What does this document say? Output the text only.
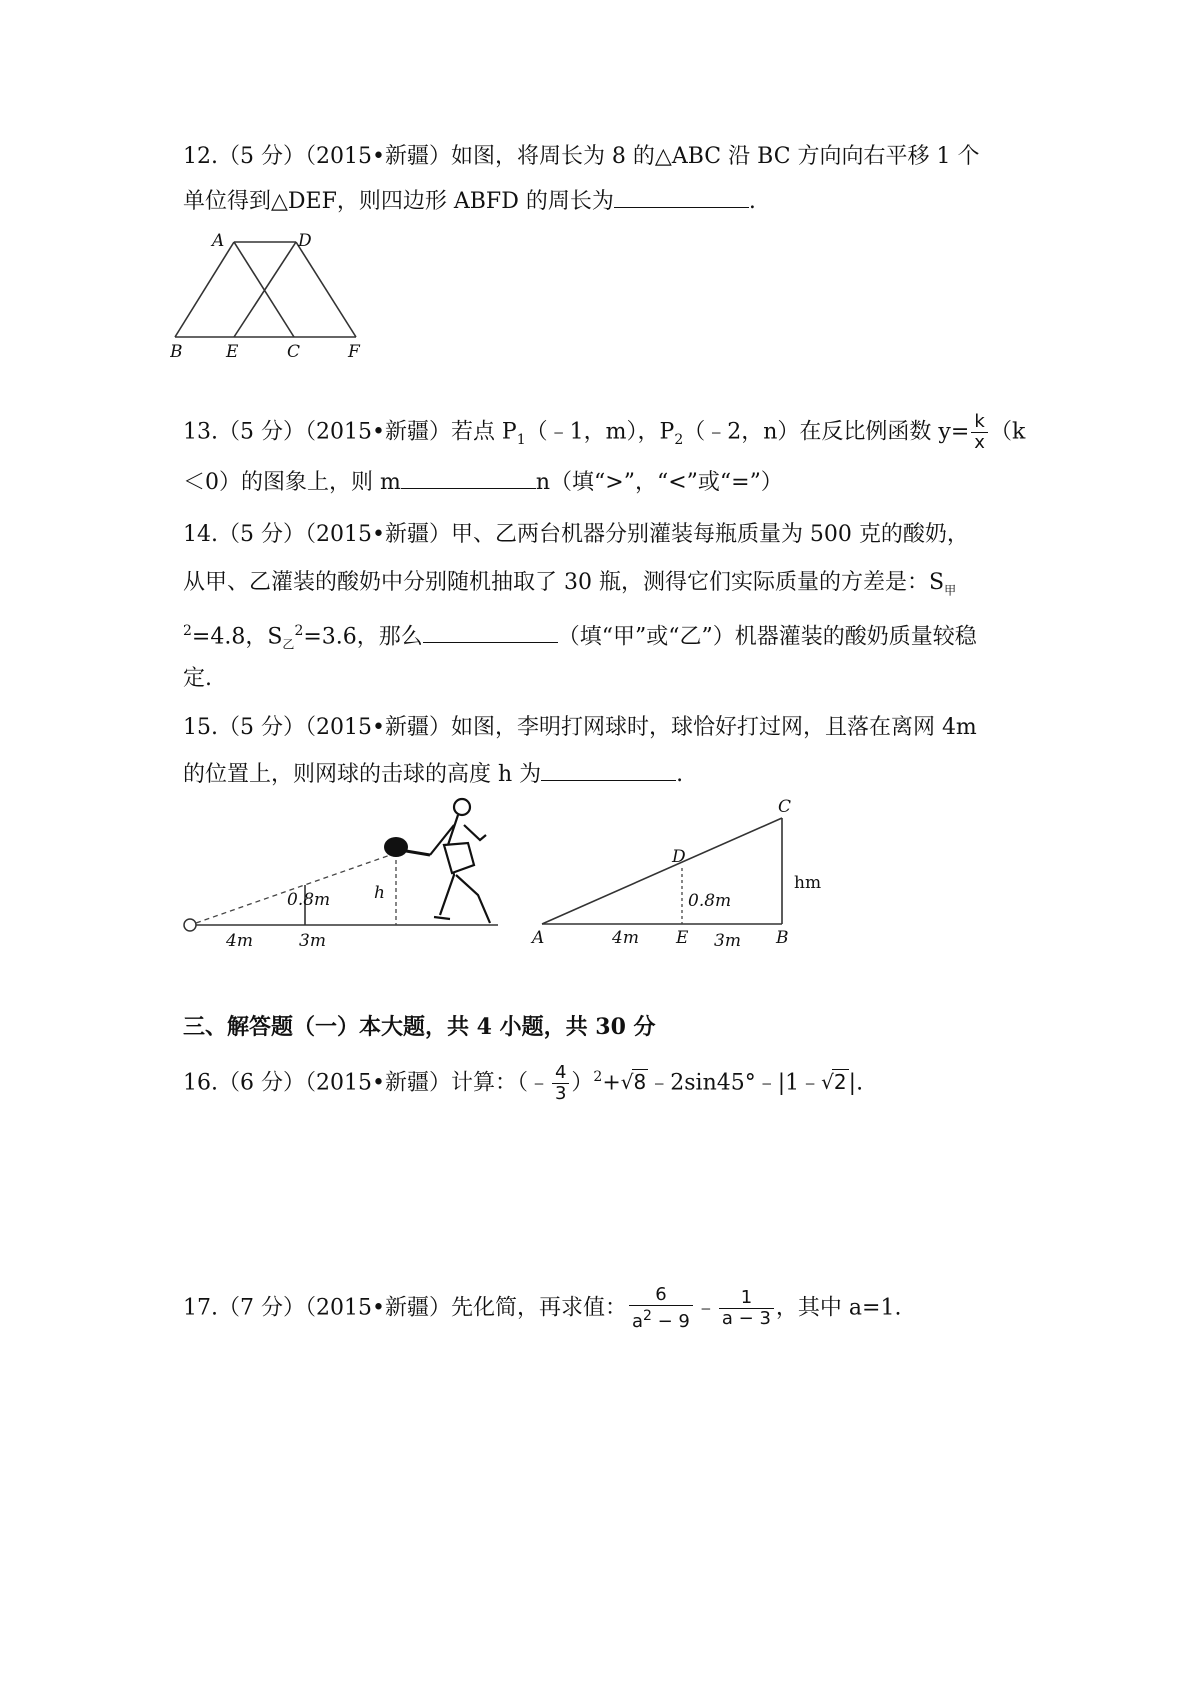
12.（5 分）（2015•新疆）如图，将周长为 8 的△ABC 沿 BC 方向向右平移 1 个
单位得到△DEF，则四边形 ABFD 的周长为	.
A	D
B	E	C	F
13.（5 分）（2015•新疆）若点 $P_1(﹣1$，m），$P_2(﹣2$，n）在反比例函数 $y= \frac{k}{x} (k$
＜0）的图象上，则 m	n（填“>”，“<”或“=”）
14.（5 分）（2015•新疆）甲、乙两台机器分别灌装每瓶质量为 500 克的酸奶，
从甲、乙灌装的酸奶中分别随机抽取了 30 瓶，测得它们实际质量的方差是：$S_甲$
$^2$=4.8，$S_乙^2=3.6$，那么	（填“甲”或“乙”）机器灌装的酸奶质量较稳
定.
15.（5 分）（2015•新疆）如图，李明打网球时，球恰好打过网，且落在离网 4m
的位置上，则网球的击球的高度 h 为	.
0.8m	h
4m	3m
C
D
A	E	B
0.8m
hm
4m	3m
三、解答题（一）本大题，共 4 小题，共 30 分
16.（6 分）（2015•新疆）计算：（﹣ $\frac{4}{3}$ ）$^2$+√8﹣2sin45°﹣|1﹣√2|.
17.（7 分）（2015•新疆）先化简，再求值： $\frac{6}{a^2 - 9}$ ﹣ $\frac{1}{a - 3}$ ，其中 a=1.
